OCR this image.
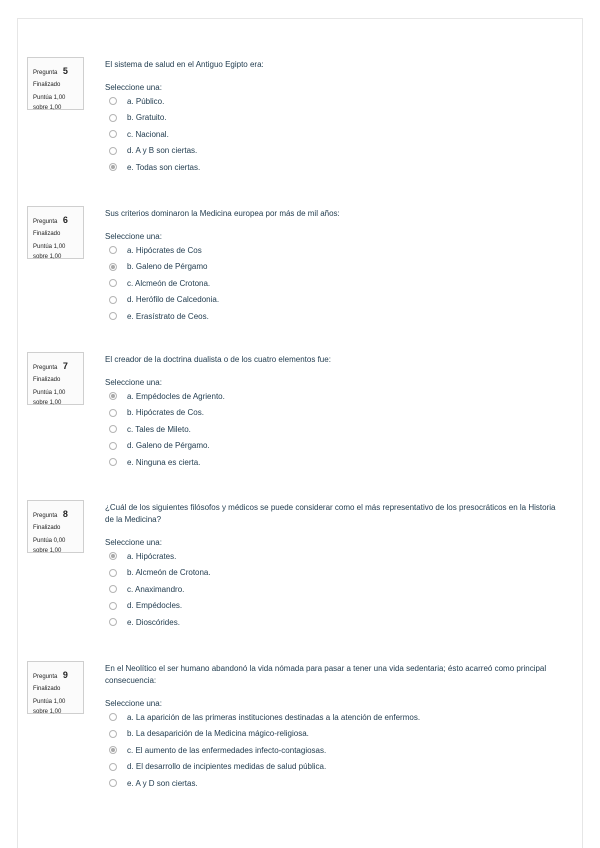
Pregunta 5
Finalizado
Puntúa 1,00
sobre 1,00
El sistema de salud en el Antiguo Egipto era:
Seleccione una:
a. Público.
b. Gratuito.
c. Nacional.
d. A y B son ciertas.
e. Todas son ciertas.
Pregunta 6
Finalizado
Puntúa 1,00
sobre 1,00
Sus criterios dominaron la Medicina europea por más de mil años:
Seleccione una:
a. Hipócrates de Cos
b. Galeno de Pérgamo
c. Alcmeón de Crotona.
d. Herófilo de Calcedonia.
e. Erasístrato de Ceos.
Pregunta 7
Finalizado
Puntúa 1,00
sobre 1,00
El creador de la doctrina dualista o de los cuatro elementos fue:
Seleccione una:
a. Empédocles de Agriento.
b. Hipócrates de Cos.
c. Tales de Mileto.
d. Galeno de Pérgamo.
e. Ninguna es cierta.
Pregunta 8
Finalizado
Puntúa 0,00
sobre 1,00
¿Cuál de los siguientes filósofos y médicos se puede considerar como el más representativo de los presocráticos en la Historia de la Medicina?
Seleccione una:
a. Hipócrates.
b. Alcmeón de Crotona.
c. Anaximandro.
d. Empédocles.
e. Dioscórides.
Pregunta 9
Finalizado
Puntúa 1,00
sobre 1,00
En el Neolítico el ser humano abandonó la vida nómada para pasar a tener una vida sedentaria; ésto acarreó como principal consecuencia:
Seleccione una:
a. La aparición de las primeras instituciones destinadas a la atención de enfermos.
b. La desaparición de la Medicina mágico-religiosa.
c. El aumento de las enfermedades infecto-contagiosas.
d. El desarrollo de incipientes medidas de salud pública.
e. A y D son ciertas.
